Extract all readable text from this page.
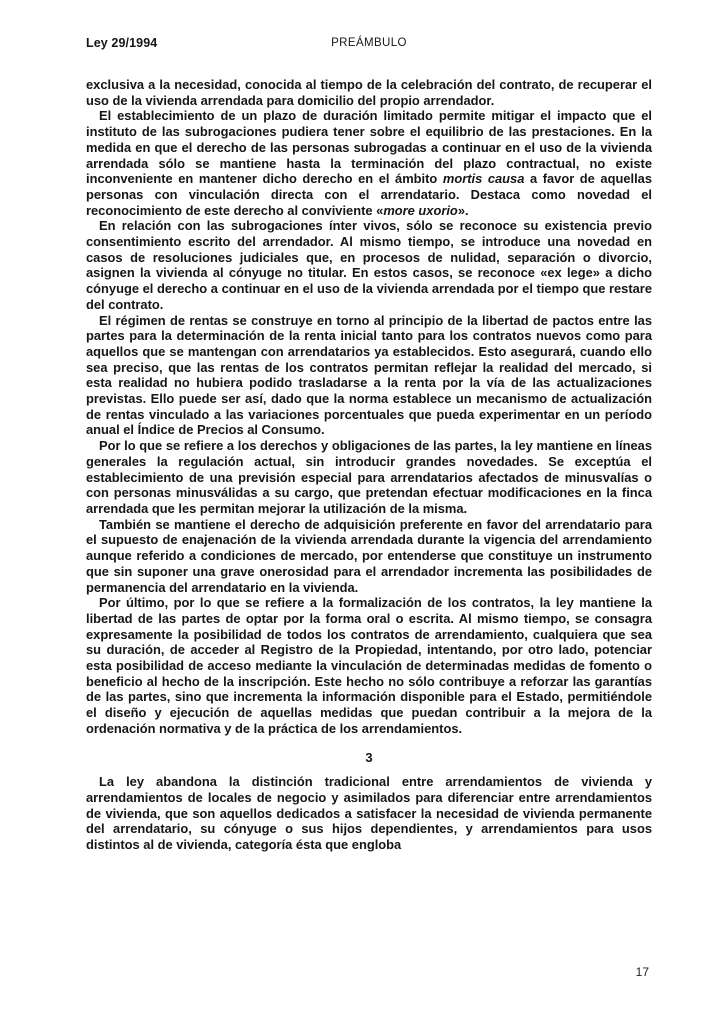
Ley 29/1994	PREÁMBULO

exclusiva a la necesidad, conocida al tiempo de la celebración del contrato, de recuperar el uso de la vivienda arrendada para domicilio del propio arrendador.

El establecimiento de un plazo de duración limitado permite mitigar el impacto que el instituto de las subrogaciones pudiera tener sobre el equilibrio de las prestaciones. En la medida en que el derecho de las personas subrogadas a continuar en el uso de la vivienda arrendada sólo se mantiene hasta la terminación del plazo contractual, no existe inconveniente en mantener dicho derecho en el ámbito mortis causa a favor de aquellas personas con vinculación directa con el arrendatario. Destaca como novedad el reconocimiento de este derecho al conviviente «more uxorio».

En relación con las subrogaciones ínter vivos, sólo se reconoce su existencia previo consentimiento escrito del arrendador. Al mismo tiempo, se introduce una novedad en casos de resoluciones judiciales que, en procesos de nulidad, separación o divorcio, asignen la vivienda al cónyuge no titular. En estos casos, se reconoce «ex lege» a dicho cónyuge el derecho a continuar en el uso de la vivienda arrendada por el tiempo que restare del contrato.

El régimen de rentas se construye en torno al principio de la libertad de pactos entre las partes para la determinación de la renta inicial tanto para los contratos nuevos como para aquellos que se mantengan con arrendatarios ya establecidos. Esto asegurará, cuando ello sea preciso, que las rentas de los contratos permitan reflejar la realidad del mercado, si esta realidad no hubiera podido trasladarse a la renta por la vía de las actualizaciones previstas. Ello puede ser así, dado que la norma establece un mecanismo de actualización de rentas vinculado a las variaciones porcentuales que pueda experimentar en un período anual el Índice de Precios al Consumo.

Por lo que se refiere a los derechos y obligaciones de las partes, la ley mantiene en líneas generales la regulación actual, sin introducir grandes novedades. Se exceptúa el establecimiento de una previsión especial para arrendatarios afectados de minusvalías o con personas minusválidas a su cargo, que pretendan efectuar modificaciones en la finca arrendada que les permitan mejorar la utilización de la misma.

También se mantiene el derecho de adquisición preferente en favor del arrendatario para el supuesto de enajenación de la vivienda arrendada durante la vigencia del arrendamiento aunque referido a condiciones de mercado, por entenderse que constituye un instrumento que sin suponer una grave onerosidad para el arrendador incrementa las posibilidades de permanencia del arrendatario en la vivienda.

Por último, por lo que se refiere a la formalización de los contratos, la ley mantiene la libertad de las partes de optar por la forma oral o escrita. Al mismo tiempo, se consagra expresamente la posibilidad de todos los contratos de arrendamiento, cualquiera que sea su duración, de acceder al Registro de la Propiedad, intentando, por otro lado, potenciar esta posibilidad de acceso mediante la vinculación de determinadas medidas de fomento o beneficio al hecho de la inscripción. Este hecho no sólo contribuye a reforzar las garantías de las partes, sino que incrementa la información disponible para el Estado, permitiéndole el diseño y ejecución de aquellas medidas que puedan contribuir a la mejora de la ordenación normativa y de la práctica de los arrendamientos.

3

La ley abandona la distinción tradicional entre arrendamientos de vivienda y arrendamientos de locales de negocio y asimilados para diferenciar entre arrendamientos de vivienda, que son aquellos dedicados a satisfacer la necesidad de vivienda permanente del arrendatario, su cónyuge o sus hijos dependientes, y arrendamientos para usos distintos al de vivienda, categoría ésta que engloba

17
